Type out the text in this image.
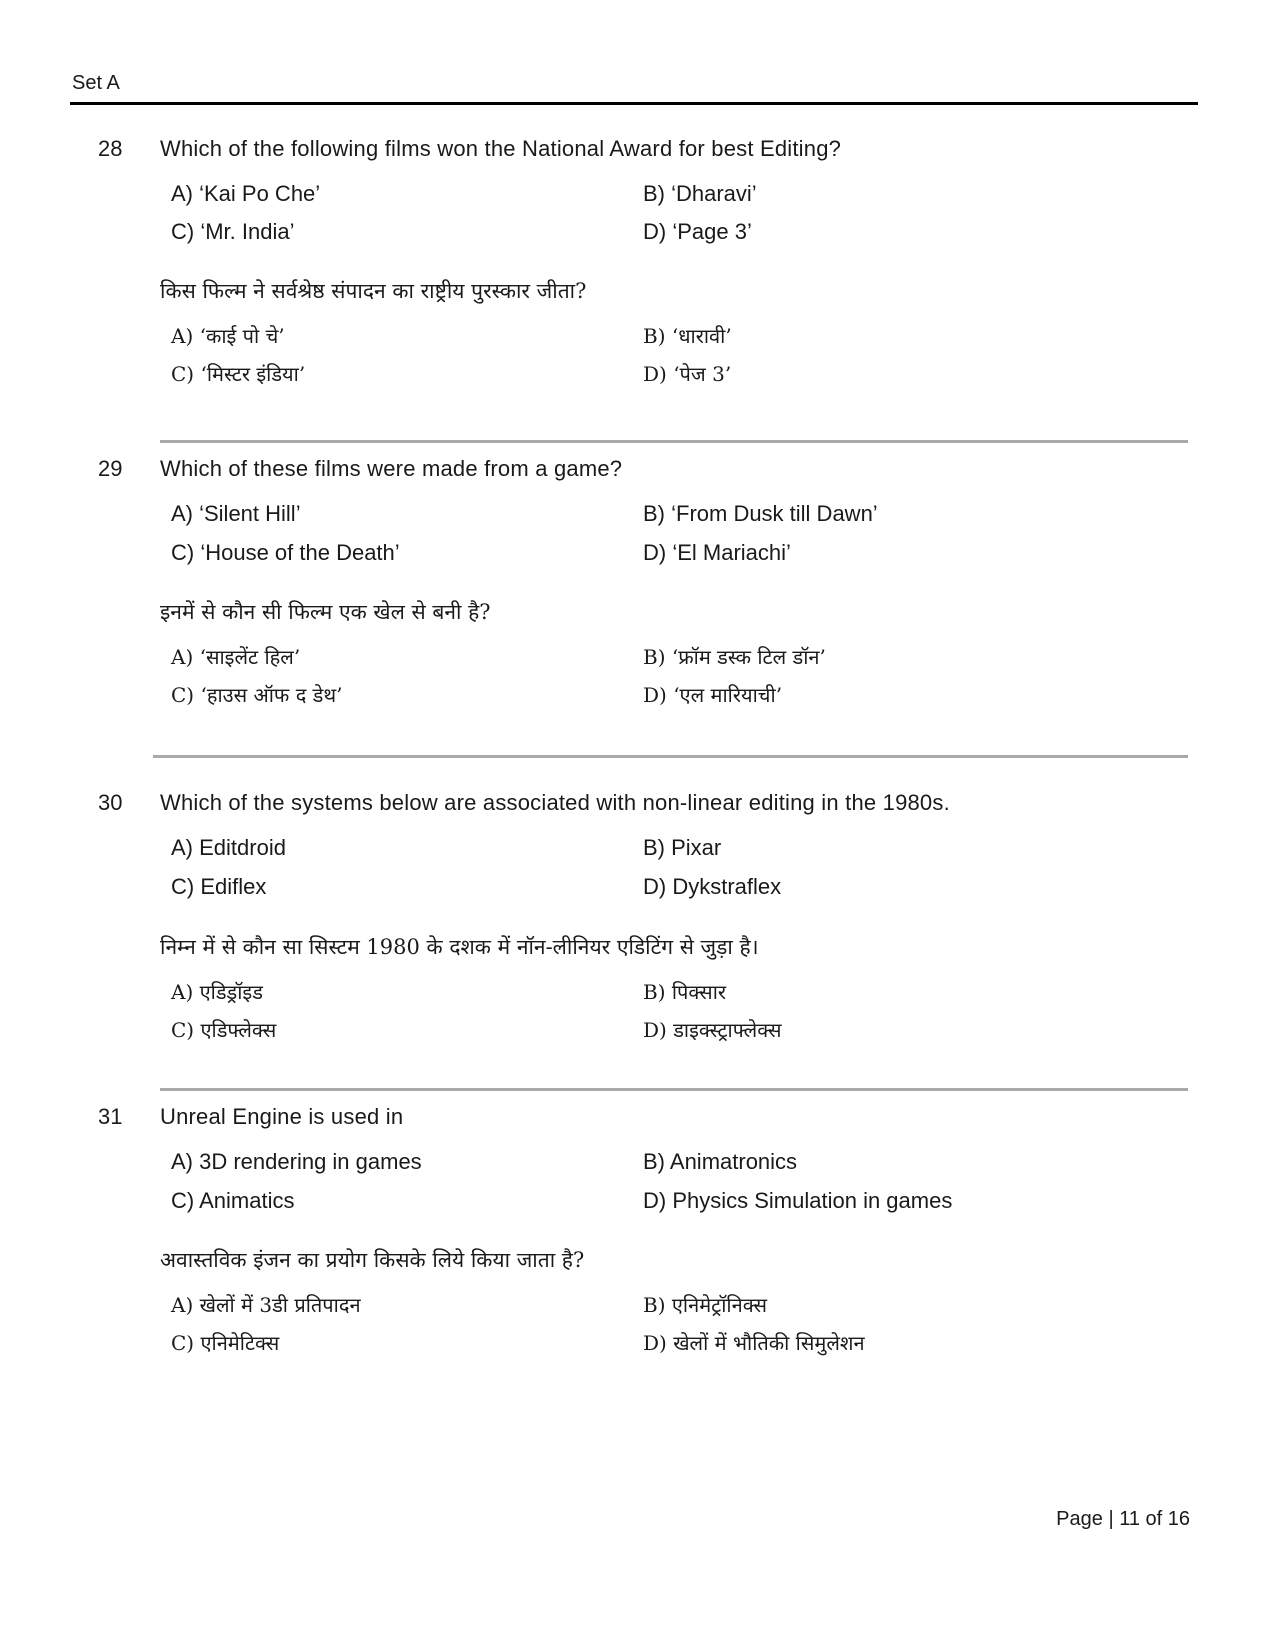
Set A
28 Which of the following films won the National Award for best Editing?
A) ‘Kai Po Che’	B) ‘Dharavi’
C) ‘Mr. India’	D) ‘Page 3’
किस फिल्म ने सर्वश्रेष्ठ संपादन का राष्ट्रीय पुरस्कार जीता?
A) ‘काई पो चे’	B) ‘धारावी’
C) ‘मिस्टर इंडिया’	D) ‘पेज 3’
29 Which of these films were made from a game?
A) ‘Silent Hill’	B) ‘From Dusk till Dawn’
C) ‘House of the Death’	D) ‘El Mariachi’
इनमें से कौन सी फिल्म एक खेल से बनी है?
A) ‘साइलेंट हिल’	B) ‘फ्रॉम डस्क टिल डॉन’
C) ‘हाउस ऑफ द डेथ’	D) ‘एल मारियाची’
30 Which of the systems below are associated with non-linear editing in the 1980s.
A) Editdroid	B) Pixar
C) Ediflex	D) Dykstraflex
निम्न में से कौन सा सिस्टम 1980 के दशक में नॉन-लीनियर एडिटिंग से जुड़ा है।
A) एडिड्रॉइड	B) पिक्सार
C) एडिफ्लेक्स	D) डाइक्स्ट्राफ्लेक्स
31 Unreal Engine is used in
A) 3D rendering in games	B) Animatronics
C) Animatics	D) Physics Simulation in games
अवास्तविक इंजन का प्रयोग किसके लिये किया जाता है?
A) खेलों में 3डी प्रतिपादन	B) एनिमेट्रॉनिक्स
C) एनिमेटिक्स	D) खेलों में भौतिकी सिमुलेशन
Page | 11 of 16
